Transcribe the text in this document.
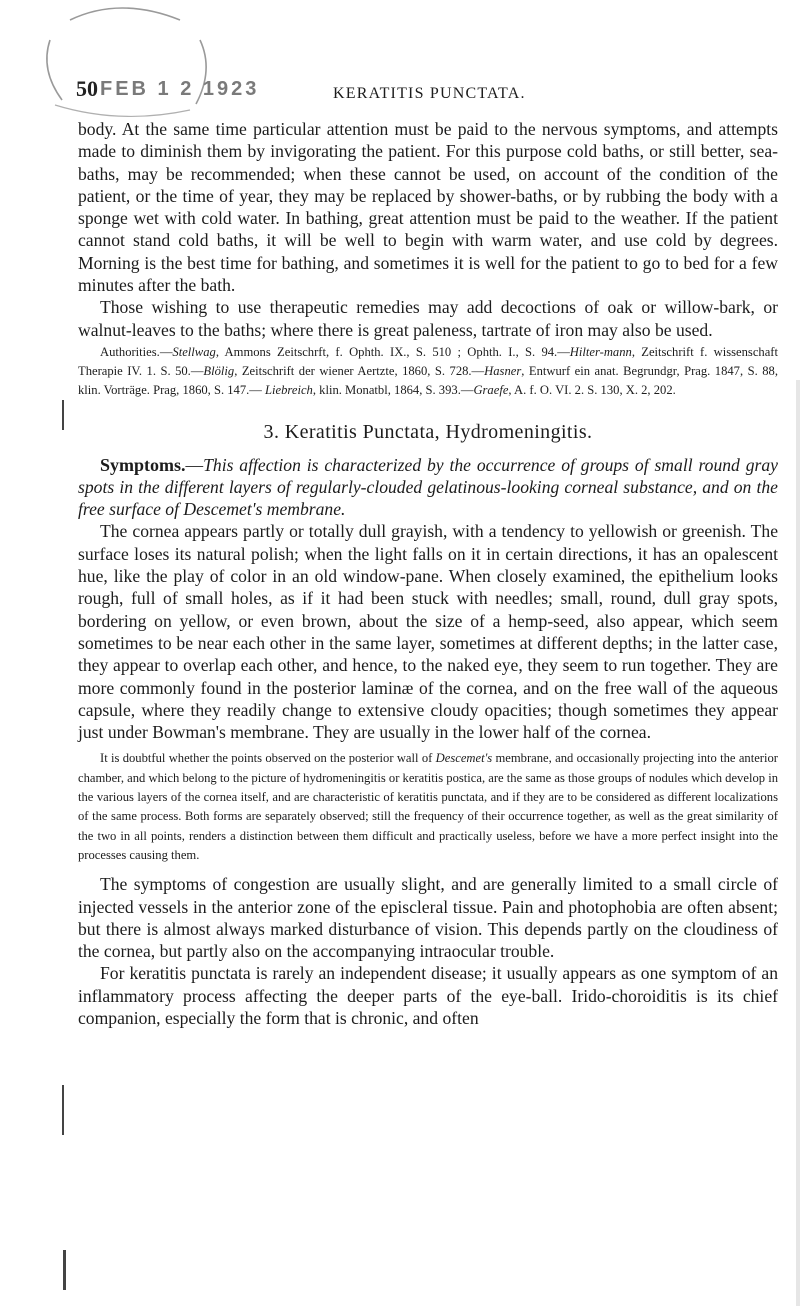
FEB 1 2 1923
50	KERATITIS PUNCTATA.

body. At the same time particular attention must be paid to the nervous symptoms, and attempts made to diminish them by invigorating the patient. For this purpose cold baths, or still better, sea-baths, may be recommended; when these cannot be used, on account of the condition of the patient, or the time of year, they may be replaced by shower-baths, or by rubbing the body with a sponge wet with cold water. In bathing, great attention must be paid to the weather. If the patient cannot stand cold baths, it will be well to begin with warm water, and use cold by degrees. Morning is the best time for bathing, and sometimes it is well for the patient to go to bed for a few minutes after the bath.

Those wishing to use therapeutic remedies may add decoctions of oak or willow-bark, or walnut-leaves to the baths; where there is great paleness, tartrate of iron may also be used.

Authorities.—Stellwag, Ammons Zeitschrft, f. Ophth. IX., S. 510 ; Ophth. I., S. 94.—Hilter-mann, Zeitschrift f. wissenschaft Therapie IV. 1. S. 50.—Blölig, Zeitschrift der wiener Aertzte, 1860, S. 728.—Hasner, Entwurf ein anat. Begrundgr, Prag. 1847, S. 88, klin. Vorträge. Prag, 1860, S. 147.— Liebreich, klin. Monatbl, 1864, S. 393.—Graefe, A. f. O. VI. 2. S. 130, X. 2, 202.

3. Keratitis Punctata, Hydromeningitis.

Symptoms.—This affection is characterized by the occurrence of groups of small round gray spots in the different layers of regularly-clouded gelatinous-looking corneal substance, and on the free surface of Descemet's membrane.

The cornea appears partly or totally dull grayish, with a tendency to yellowish or greenish. The surface loses its natural polish; when the light falls on it in certain directions, it has an opalescent hue, like the play of color in an old window-pane. When closely examined, the epithelium looks rough, full of small holes, as if it had been stuck with needles; small, round, dull gray spots, bordering on yellow, or even brown, about the size of a hemp-seed, also appear, which seem sometimes to be near each other in the same layer, sometimes at different depths; in the latter case, they appear to overlap each other, and hence, to the naked eye, they seem to run together. They are more commonly found in the posterior laminæ of the cornea, and on the free wall of the aqueous capsule, where they readily change to extensive cloudy opacities; though sometimes they appear just under Bowman's membrane. They are usually in the lower half of the cornea.

It is doubtful whether the points observed on the posterior wall of Descemet's membrane, and occasionally projecting into the anterior chamber, and which belong to the picture of hydromeningitis or keratitis postica, are the same as those groups of nodules which develop in the various layers of the cornea itself, and are characteristic of keratitis punctata, and if they are to be considered as different localizations of the same process. Both forms are separately observed; still the frequency of their occurrence together, as well as the great similarity of the two in all points, renders a distinction between them difficult and practically useless, before we have a more perfect insight into the processes causing them.

The symptoms of congestion are usually slight, and are generally limited to a small circle of injected vessels in the anterior zone of the episcleral tissue. Pain and photophobia are often absent; but there is almost always marked disturbance of vision. This depends partly on the cloudiness of the cornea, but partly also on the accompanying intraocular trouble.

For keratitis punctata is rarely an independent disease; it usually appears as one symptom of an inflammatory process affecting the deeper parts of the eye-ball. Irido-choroiditis is its chief companion, especially the form that is chronic, and often
